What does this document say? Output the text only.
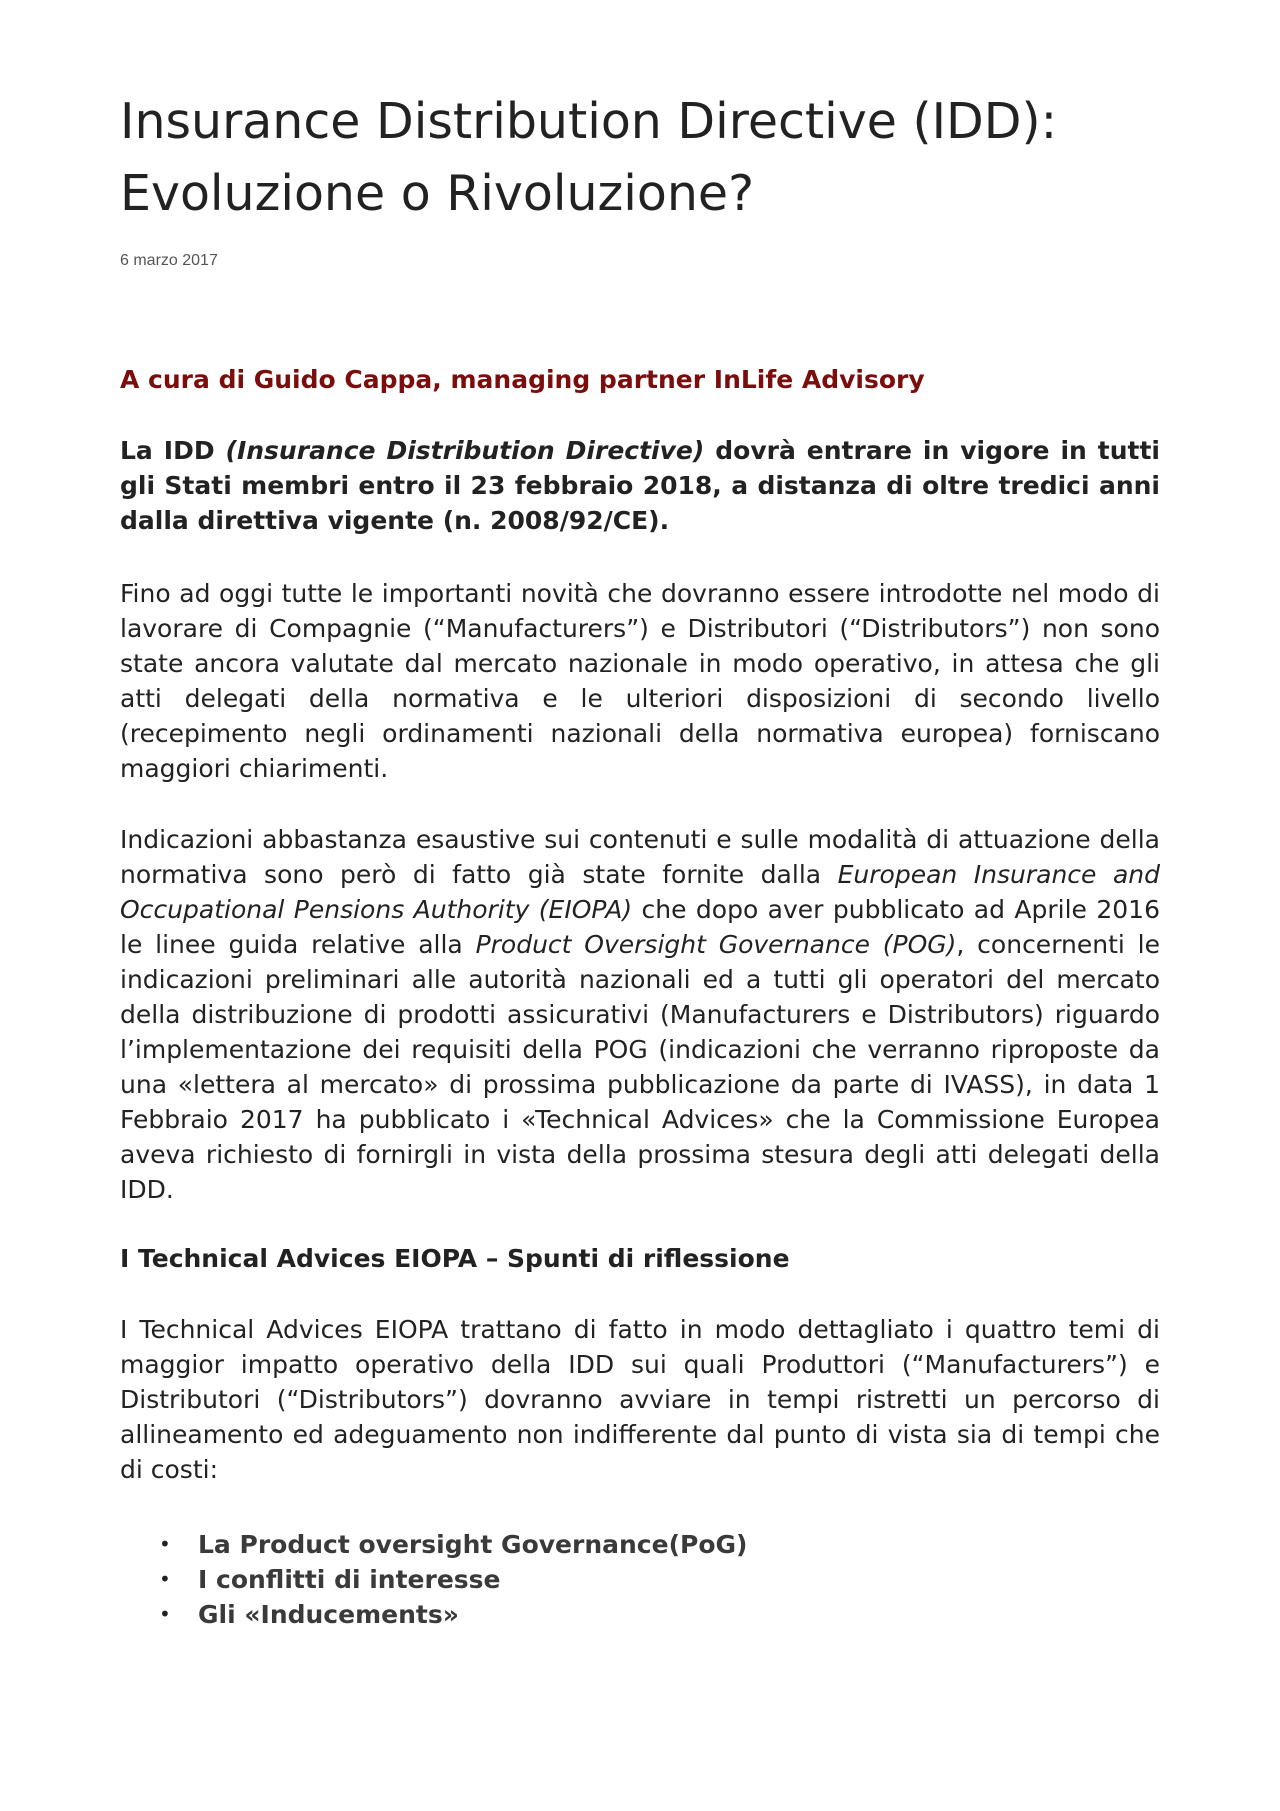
Insurance Distribution Directive (IDD): Evoluzione o Rivoluzione?
6 marzo 2017
A cura di Guido Cappa, managing partner InLife Advisory
La IDD (Insurance Distribution Directive) dovrà entrare in vigore in tutti gli Stati membri entro il 23 febbraio 2018, a distanza di oltre tredici anni dalla direttiva vigente (n. 2008/92/CE).
Fino ad oggi tutte le importanti novità che dovranno essere introdotte nel modo di lavorare di Compagnie (“Manufacturers”) e Distributori (“Distributors”) non sono state ancora valutate dal mercato nazionale in modo operativo, in attesa che gli atti delegati della normativa e le ulteriori disposizioni di secondo livello (recepimento negli ordinamenti nazionali della normativa europea) forniscano maggiori chiarimenti.
Indicazioni abbastanza esaustive sui contenuti e sulle modalità di attuazione della normativa sono però di fatto già state fornite dalla European Insurance and Occupational Pensions Authority (EIOPA) che dopo aver pubblicato ad Aprile 2016 le linee guida relative alla Product Oversight Governance (POG), concernenti le indicazioni preliminari alle autorità nazionali ed a tutti gli operatori del mercato della distribuzione di prodotti assicurativi (Manufacturers e Distributors) riguardo l’implementazione dei requisiti della POG (indicazioni che verranno riproposte da una «lettera al mercato» di prossima pubblicazione da parte di IVASS), in data 1 Febbraio 2017 ha pubblicato i «Technical Advices» che la Commissione Europea aveva richiesto di fornirgli in vista della prossima stesura degli atti delegati della IDD.
I Technical Advices EIOPA – Spunti di riflessione
I Technical Advices EIOPA trattano di fatto in modo dettagliato i quattro temi di maggior impatto operativo della IDD sui quali Produttori (“Manufacturers”) e Distributori (“Distributors”) dovranno avviare in tempi ristretti un percorso di allineamento ed adeguamento non indifferente dal punto di vista sia di tempi che di costi:
• La Product oversight Governance(PoG)
• I conflitti di interesse
• Gli «Inducements»
